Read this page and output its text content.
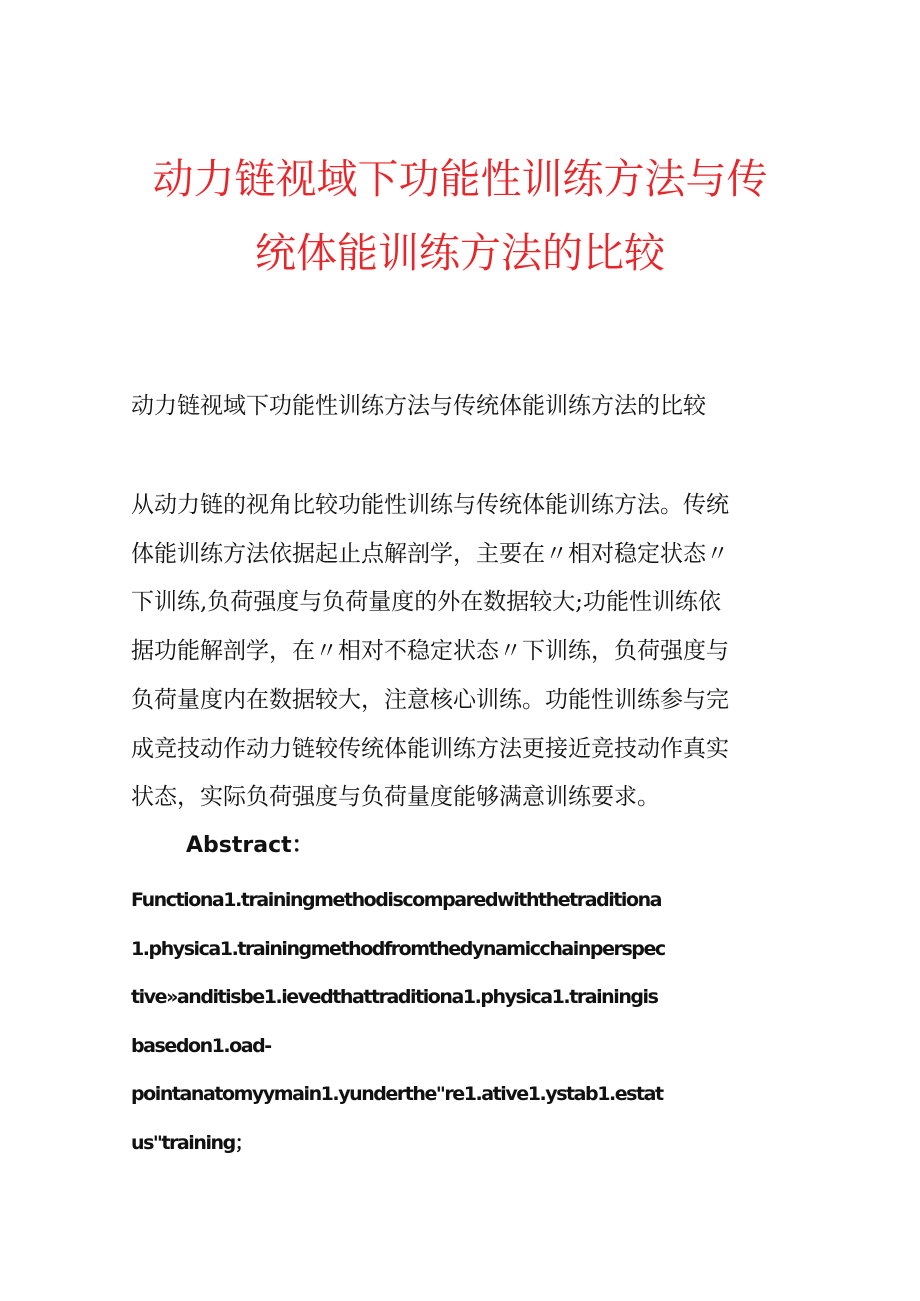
动力链视域下功能性训练方法与传
统体能训练方法的比较

动力链视域下功能性训练方法与传统体能训练方法的比较

从动力链的视角比较功能性训练与传统体能训练方法。传统
体能训练方法依据起止点解剖学，主要在〃相对稳定状态〃
下训练,负荷强度与负荷量度的外在数据较大;功能性训练依
据功能解剖学，在〃相对不稳定状态〃下训练，负荷强度与
负荷量度内在数据较大，注意核心训练。功能性训练参与完
成竞技动作动力链较传统体能训练方法更接近竞技动作真实
状态，实际负荷强度与负荷量度能够满意训练要求。

Abstract：

Functiona1.trainingmethodiscomparedwiththetraditiona
1.physica1.trainingmethodfromthedynamicchainperspec
tive»anditisbe1.ievedthattraditiona1.physica1.trainingis
basedon1.oad-
pointanatomyymain1.yunderthe"re1.ative1.ystab1.estat
us"training；
